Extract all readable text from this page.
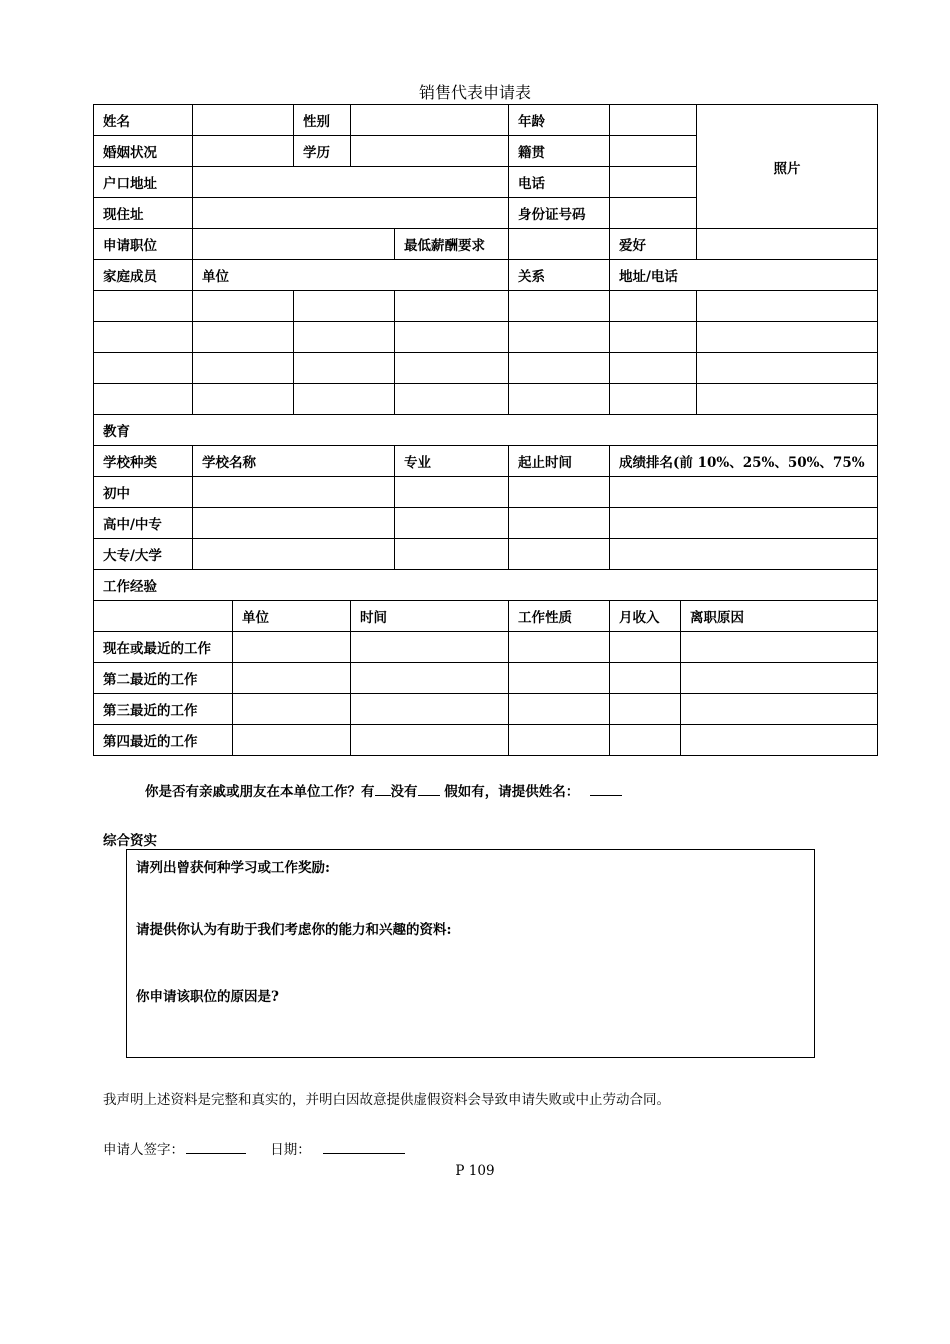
销售代表申请表
姓名			性别			年龄			照片
婚姻状况			学历			籍贯			
户口地址						电话			
现住址						身份证号码			
申请职位					最低薪酬要求		爱好		
家庭成员	单位					关系	地址/电话		

教育									
学校种类	学校名称				专业	起止时间	成绩排名(前 10%、25%、50%、75%		
初中									
高中/中专									
大专/大学									
工作经验									
		单位		时间		工作性质	月收入	离职原因	
现在或最近的工作									
第二最近的工作									
第三最近的工作									
第四最近的工作									
你是否有亲戚或朋友在本单位工作？有 没有 假如有，请提供姓名：
综合资实
请列出曾获何种学习或工作奖励:
请提供你认为有助于我们考虑你的能力和兴趣的资料:
你申请该职位的原因是?
我声明上述资料是完整和真实的，并明白因故意提供虚假资料会导致申请失败或中止劳动合同。
申请人签字：	日期：
P 109
